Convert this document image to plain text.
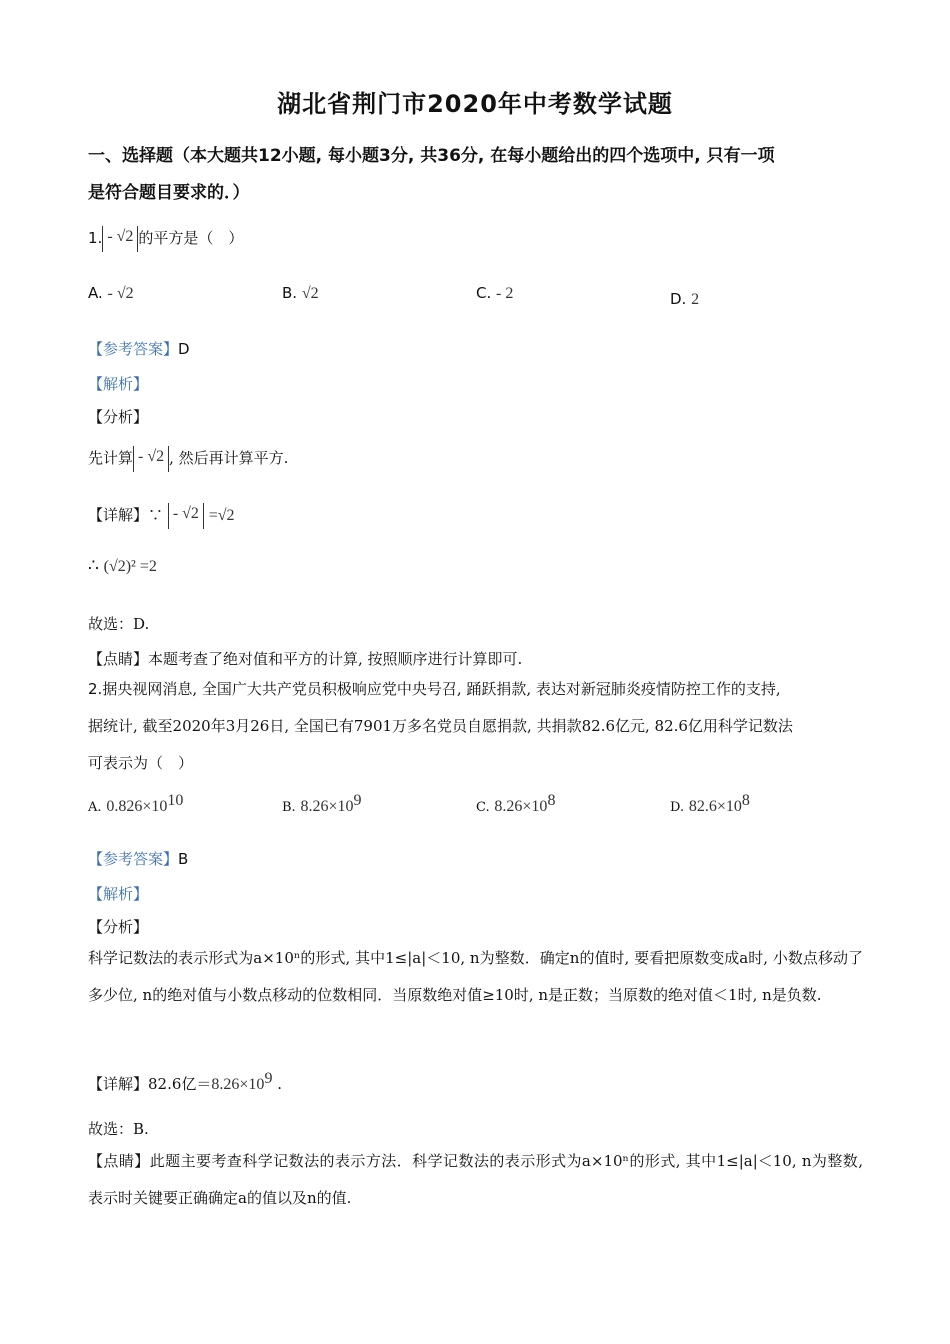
湖北省荆门市2020年中考数学试题
一、选择题（本大题共12小题, 每小题3分, 共36分, 在每小题给出的四个选项中, 只有一项
是符合题目要求的．）
1. - √2 的平方是（　）
A. - √2	B. √2	C. - 2	D. 2
【参考答案】D
【解析】
【分析】
先计算 - √2 , 然后再计算平方.
【详解】∵ - √2 =√2
∴ (√2)² =2
故选：D.
【点睛】本题考查了绝对值和平方的计算, 按照顺序进行计算即可.
2.据央视网消息, 全国广大共产党员积极响应党中央号召, 踊跃捐款, 表达对新冠肺炎疫情防控工作的支持,
据统计, 截至2020年3月26日, 全国已有7901万多名党员自愿捐款, 共捐款82.6亿元, 82.6亿用科学记数法
可表示为（　）
A. $0.826\times 10^{10}$	B. $8.26\times 10^9$	C. $8.26\times 10^8$	D. $82.6\times 10^8$
【参考答案】B
【解析】
【分析】
科学记数法的表示形式为a×10ⁿ的形式, 其中1≤|a|＜10, n为整数．确定n的值时, 要看把原数变成a时, 小数点移动了多少位, n的绝对值与小数点移动的位数相同．当原数绝对值≥10时, n是正数；当原数的绝对值＜1时, n是负数.
【详解】82.6亿$=8.26\times 10^9$ .
故选：B.
【点睛】此题主要考查科学记数法的表示方法．科学记数法的表示形式为a×10ⁿ的形式, 其中1≤|a|＜10, n为整数, 表示时关键要正确确定a的值以及n的值.
